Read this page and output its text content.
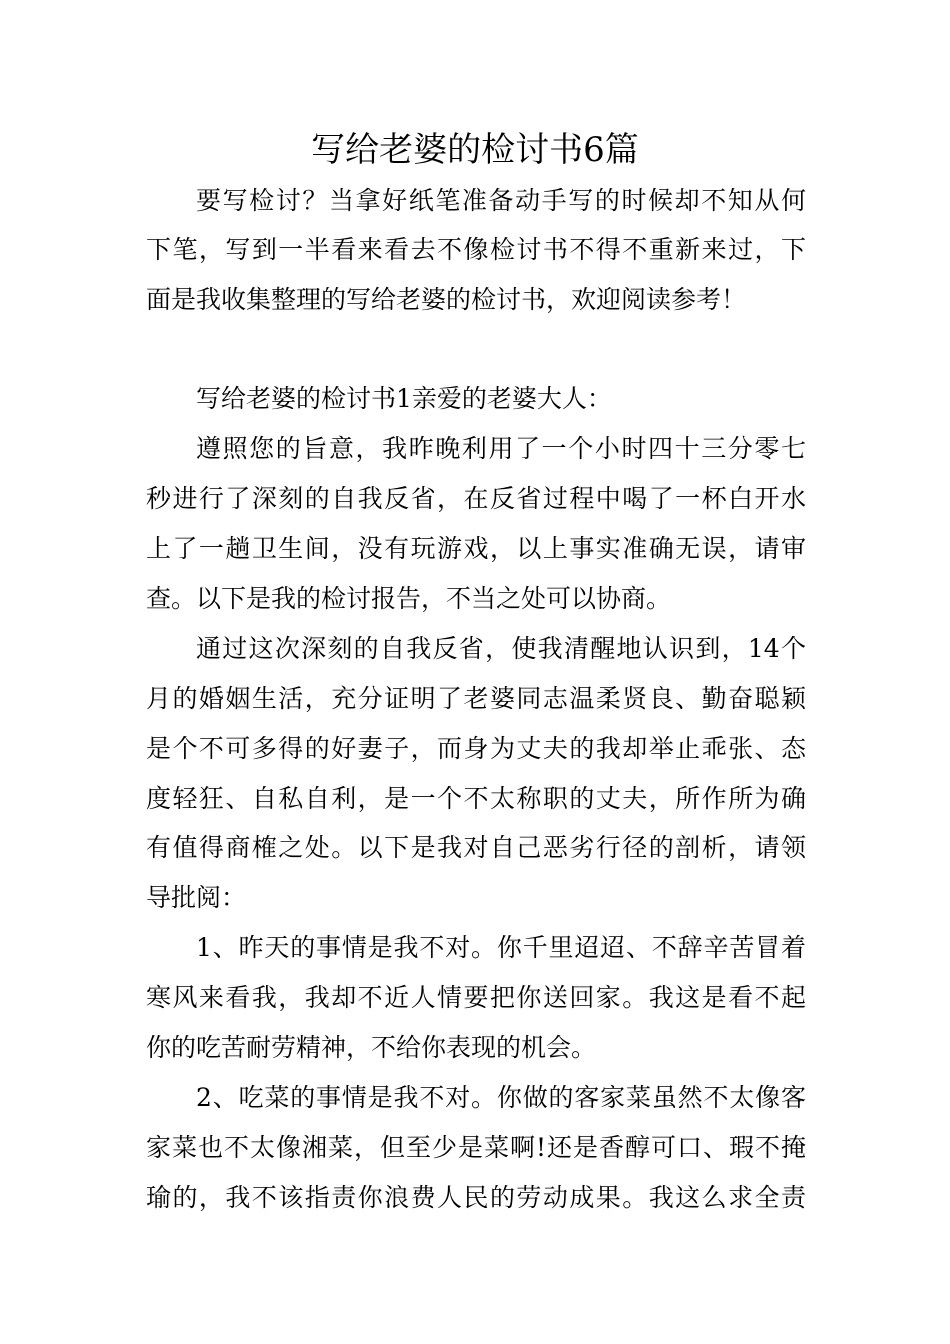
写给老婆的检讨书6篇
要写检讨？当拿好纸笔准备动手写的时候却不知从何
下笔，写到一半看来看去不像检讨书不得不重新来过，下
面是我收集整理的写给老婆的检讨书，欢迎阅读参考！
写给老婆的检讨书1亲爱的老婆大人：
遵照您的旨意，我昨晚利用了一个小时四十三分零七
秒进行了深刻的自我反省，在反省过程中喝了一杯白开水
上了一趟卫生间，没有玩游戏，以上事实准确无误，请审
查。以下是我的检讨报告，不当之处可以协商。
通过这次深刻的自我反省，使我清醒地认识到，14个
月的婚姻生活，充分证明了老婆同志温柔贤良、勤奋聪颖
是个不可多得的好妻子，而身为丈夫的我却举止乖张、态
度轻狂、自私自利，是一个不太称职的丈夫，所作所为确
有值得商榷之处。以下是我对自己恶劣行径的剖析，请领
导批阅：
1、昨天的事情是我不对。你千里迢迢、不辞辛苦冒着
寒风来看我，我却不近人情要把你送回家。我这是看不起
你的吃苦耐劳精神，不给你表现的机会。
2、吃菜的事情是我不对。你做的客家菜虽然不太像客
家菜也不太像湘菜，但至少是菜啊!还是香醇可口、瑕不掩
瑜的，我不该指责你浪费人民的劳动成果。我这么求全责
